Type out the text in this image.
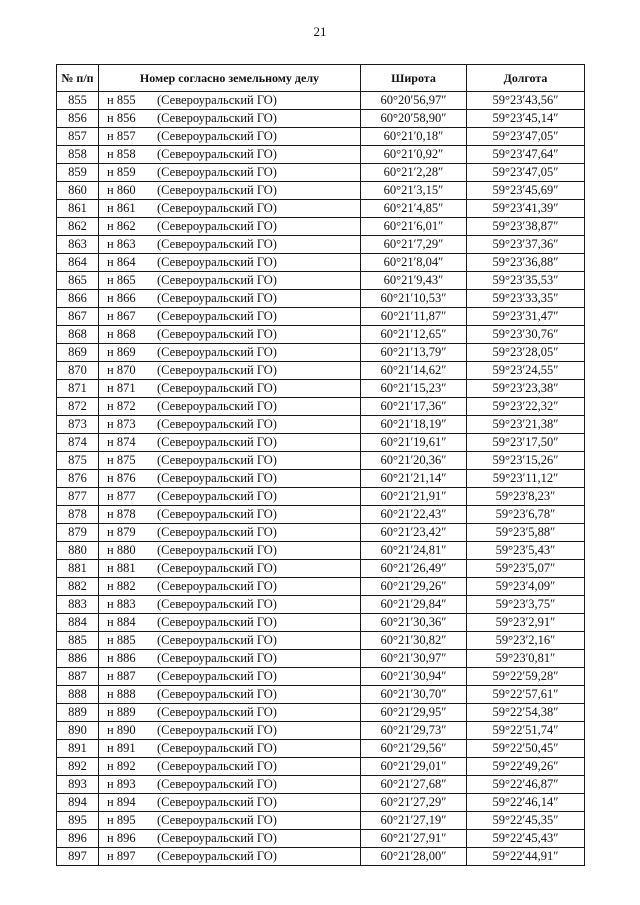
21
№ п/п	Номер согласно земельному делу	Широта	Долгота
855	н 855 (Североуральский ГО)	60°20′56,97″	59°23′43,56″
856	н 856 (Североуральский ГО)	60°20′58,90″	59°23′45,14″
857	н 857 (Североуральский ГО)	60°21′0,18″	59°23′47,05″
858	н 858 (Североуральский ГО)	60°21′0,92″	59°23′47,64″
859	н 859 (Североуральский ГО)	60°21′2,28″	59°23′47,05″
860	н 860 (Североуральский ГО)	60°21′3,15″	59°23′45,69″
861	н 861 (Североуральский ГО)	60°21′4,85″	59°23′41,39″
862	н 862 (Североуральский ГО)	60°21′6,01″	59°23′38,87″
863	н 863 (Североуральский ГО)	60°21′7,29″	59°23′37,36″
864	н 864 (Североуральский ГО)	60°21′8,04″	59°23′36,88″
865	н 865 (Североуральский ГО)	60°21′9,43″	59°23′35,53″
866	н 866 (Североуральский ГО)	60°21′10,53″	59°23′33,35″
867	н 867 (Североуральский ГО)	60°21′11,87″	59°23′31,47″
868	н 868 (Североуральский ГО)	60°21′12,65″	59°23′30,76″
869	н 869 (Североуральский ГО)	60°21′13,79″	59°23′28,05″
870	н 870 (Североуральский ГО)	60°21′14,62″	59°23′24,55″
871	н 871 (Североуральский ГО)	60°21′15,23″	59°23′23,38″
872	н 872 (Североуральский ГО)	60°21′17,36″	59°23′22,32″
873	н 873 (Североуральский ГО)	60°21′18,19″	59°23′21,38″
874	н 874 (Североуральский ГО)	60°21′19,61″	59°23′17,50″
875	н 875 (Североуральский ГО)	60°21′20,36″	59°23′15,26″
876	н 876 (Североуральский ГО)	60°21′21,14″	59°23′11,12″
877	н 877 (Североуральский ГО)	60°21′21,91″	59°23′8,23″
878	н 878 (Североуральский ГО)	60°21′22,43″	59°23′6,78″
879	н 879 (Североуральский ГО)	60°21′23,42″	59°23′5,88″
880	н 880 (Североуральский ГО)	60°21′24,81″	59°23′5,43″
881	н 881 (Североуральский ГО)	60°21′26,49″	59°23′5,07″
882	н 882 (Североуральский ГО)	60°21′29,26″	59°23′4,09″
883	н 883 (Североуральский ГО)	60°21′29,84″	59°23′3,75″
884	н 884 (Североуральский ГО)	60°21′30,36″	59°23′2,91″
885	н 885 (Североуральский ГО)	60°21′30,82″	59°23′2,16″
886	н 886 (Североуральский ГО)	60°21′30,97″	59°23′0,81″
887	н 887 (Североуральский ГО)	60°21′30,94″	59°22′59,28″
888	н 888 (Североуральский ГО)	60°21′30,70″	59°22′57,61″
889	н 889 (Североуральский ГО)	60°21′29,95″	59°22′54,38″
890	н 890 (Североуральский ГО)	60°21′29,73″	59°22′51,74″
891	н 891 (Североуральский ГО)	60°21′29,56″	59°22′50,45″
892	н 892 (Североуральский ГО)	60°21′29,01″	59°22′49,26″
893	н 893 (Североуральский ГО)	60°21′27,68″	59°22′46,87″
894	н 894 (Североуральский ГО)	60°21′27,29″	59°22′46,14″
895	н 895 (Североуральский ГО)	60°21′27,19″	59°22′45,35″
896	н 896 (Североуральский ГО)	60°21′27,91″	59°22′45,43″
897	н 897 (Североуральский ГО)	60°21′28,00″	59°22′44,91″
